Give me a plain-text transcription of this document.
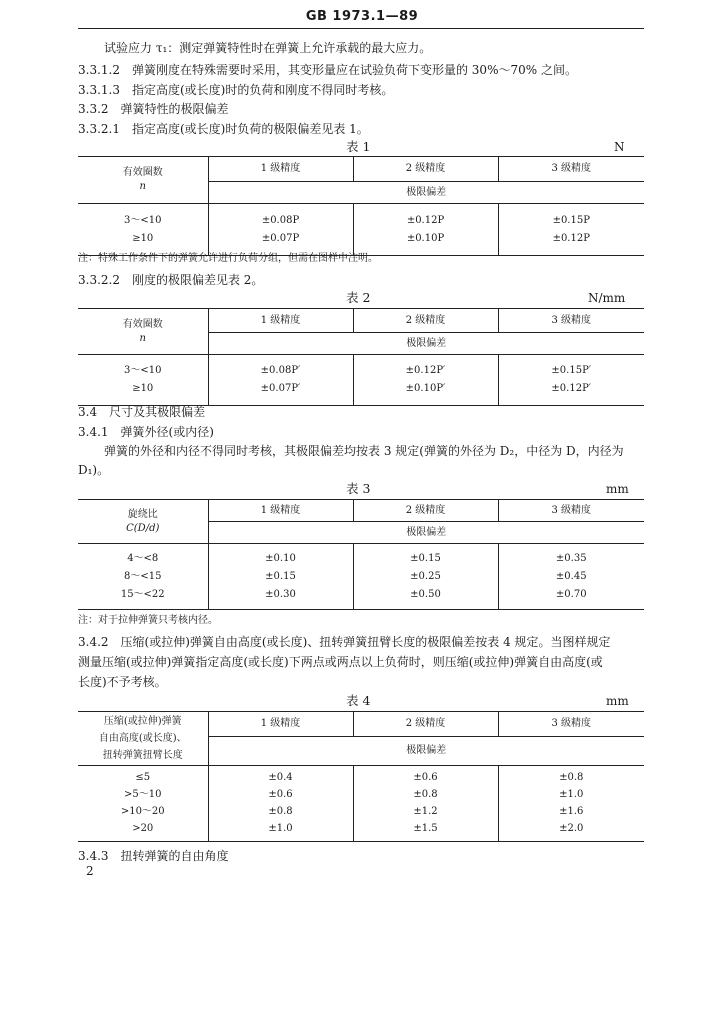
GB 1973.1—89
试验应力 τ₁：测定弹簧特性时在弹簧上允许承载的最大应力。
3.3.1.2　弹簧刚度在特殊需要时采用，其变形量应在试验负荷下变形量的 30%～70% 之间。
3.3.1.3　指定高度(或长度)时的负荷和刚度不得同时考核。
3.3.2　弹簧特性的极限偏差
3.3.2.1　指定高度(或长度)时负荷的极限偏差见表 1。
表 1	N
有效圈数
n	1 级精度	2 级精度	3 级精度
	极限偏差		

3～<10	±0.08P	±0.12P	±0.15P
≥10	±0.07P	±0.10P	±0.12P

注：特殊工作条件下的弹簧允许进行负荷分组，但需在图样中注明。
3.3.2.2　刚度的极限偏差见表 2。
表 2	N/mm
有效圈数
n	1 级精度	2 级精度	3 级精度
	极限偏差		

3～<10	±0.08P′	±0.12P′	±0.15P′
≥10	±0.07P′	±0.10P′	±0.12P′

3.4　尺寸及其极限偏差
3.4.1　弹簧外径(或内径)
弹簧的外径和内径不得同时考核，其极限偏差均按表 3 规定(弹簧的外径为 D₂，中径为 D，内径为
D₁)。
表 3	mm
旋绕比
C(D/d)	1 级精度	2 级精度	3 级精度
	极限偏差		

4～<8	±0.10	±0.15	±0.35
8～<15	±0.15	±0.25	±0.45
15～<22	±0.30	±0.50	±0.70

注：对于拉伸弹簧只考核内径。
3.4.2　压缩(或拉伸)弹簧自由高度(或长度)、扭转弹簧扭臂长度的极限偏差按表 4 规定。当图样规定
测量压缩(或拉伸)弹簧指定高度(或长度)下两点或两点以上负荷时，则压缩(或拉伸)弹簧自由高度(或
长度)不予考核。
表 4	mm
压缩(或拉伸)弹簧
自由高度(或长度)、
扭转弹簧扭臂长度	1 级精度	2 级精度	3 级精度
	极限偏差		

≤5	±0.4	±0.6	±0.8
>5～10	±0.6	±0.8	±1.0
>10～20	±0.8	±1.2	±1.6
>20	±1.0	±1.5	±2.0

3.4.3　扭转弹簧的自由角度
2
